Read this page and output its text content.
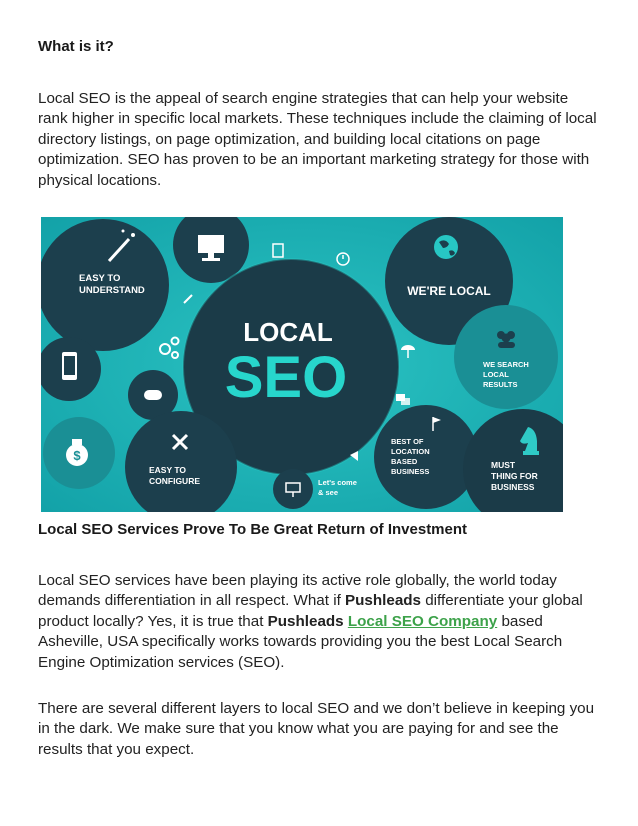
What is it?
Local SEO is the appeal of search engine strategies that can help your website rank higher in specific local markets. These techniques include the claiming of local directory listings, on page optimization, and building local citations on page optimization. SEO has proven to be an important marketing strategy for those with physical locations.
EASY TO
UNDERSTAND
LOCAL
SEO
WE'RE LOCAL
WE SEARCH
LOCAL
RESULTS
$
EASY TO
CONFIGURE	Let's come
& see
BEST OF
LOCATION
BASED
BUSINESS
MUST
THING FOR
BUSINESS
Local SEO Services Prove To Be Great Return of Investment
Local SEO services have been playing its active role globally, the world today demands differentiation in all respect. What if Pushleads differentiate your global product locally? Yes, it is true that Pushleads Local SEO Company based Asheville, USA specifically works towards providing you the best Local Search Engine Optimization services (SEO).
There are several different layers to local SEO and we don’t believe in keeping you in the dark. We make sure that you know what you are paying for and see the results that you expect.
